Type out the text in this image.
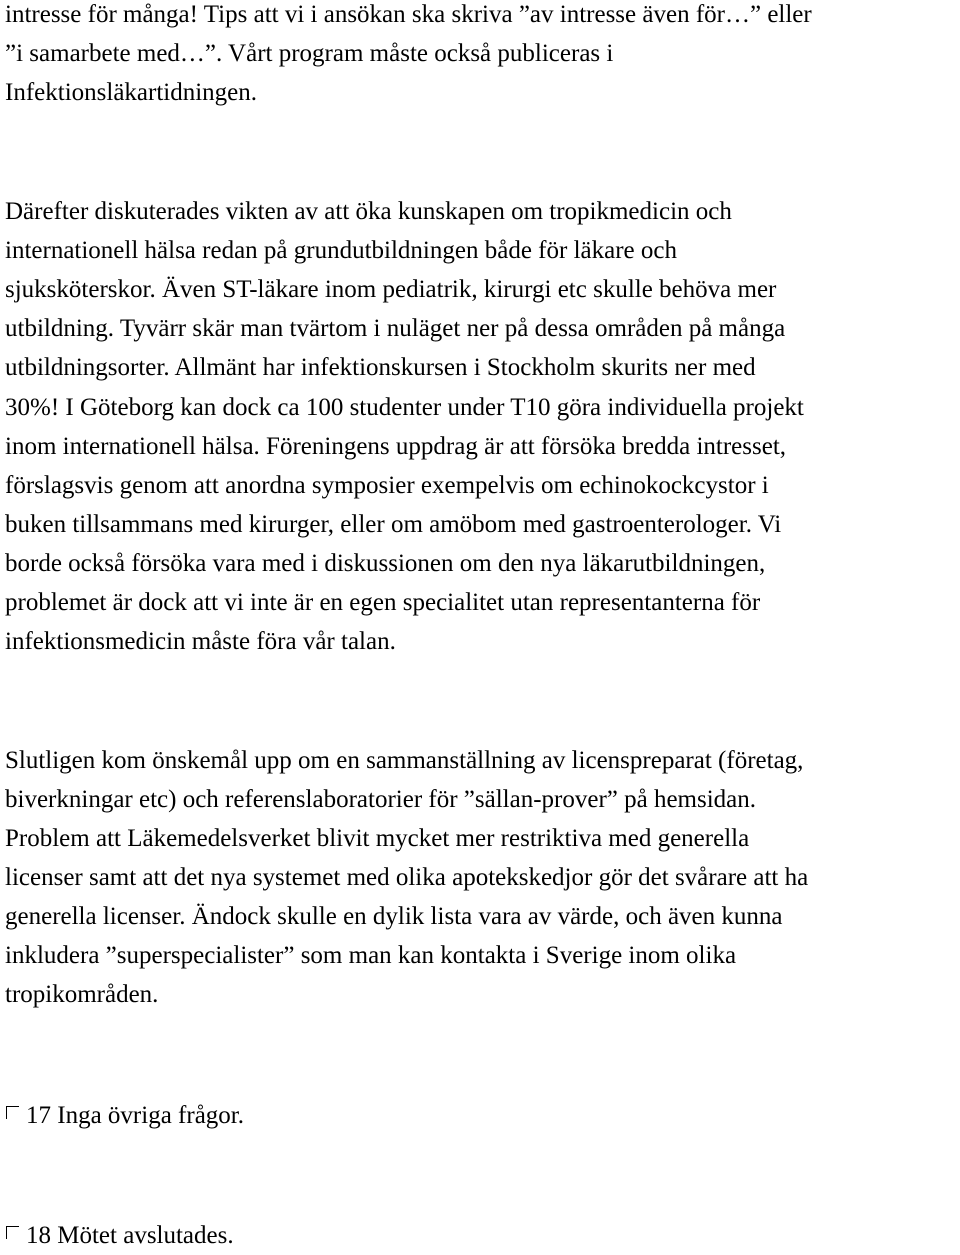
intresse för många! Tips att vi i ansökan ska skriva ”av intresse även för…” eller
”i samarbete med…”. Vårt program måste också publiceras i
Infektionsläkartidningen.
Därefter diskuterades vikten av att öka kunskapen om tropikmedicin och
internationell hälsa redan på grundutbildningen både för läkare och
sjuksköterskor. Även ST-läkare inom pediatrik, kirurgi etc skulle behöva mer
utbildning. Tyvärr skär man tvärtom i nuläget ner på dessa områden på många
utbildningsorter. Allmänt har infektionskursen i Stockholm skurits ner med
30%! I Göteborg kan dock ca 100 studenter under T10 göra individuella projekt
inom internationell hälsa. Föreningens uppdrag är att försöka bredda intresset,
förslagsvis genom att anordna symposier exempelvis om echinokockcystor i
buken tillsammans med kirurger, eller om amöbom med gastroenterologer. Vi
borde också försöka vara med i diskussionen om den nya läkarutbildningen,
problemet är dock att vi inte är en egen specialitet utan representanterna för
infektionsmedicin måste föra vår talan.
Slutligen kom önskemål upp om en sammanställning av licenspreparat (företag,
biverkningar etc) och referenslaboratorier för ”sällan-prover” på hemsidan.
Problem att Läkemedelsverket blivit mycket mer restriktiva med generella
licenser samt att det nya systemet med olika apotekskedjor gör det svårare att ha
generella licenser. Ändock skulle en dylik lista vara av värde, och även kunna
inkludera ”superspecialister” som man kan kontakta i Sverige inom olika
tropikområden.
17 Inga övriga frågor.
18 Mötet avslutades.
